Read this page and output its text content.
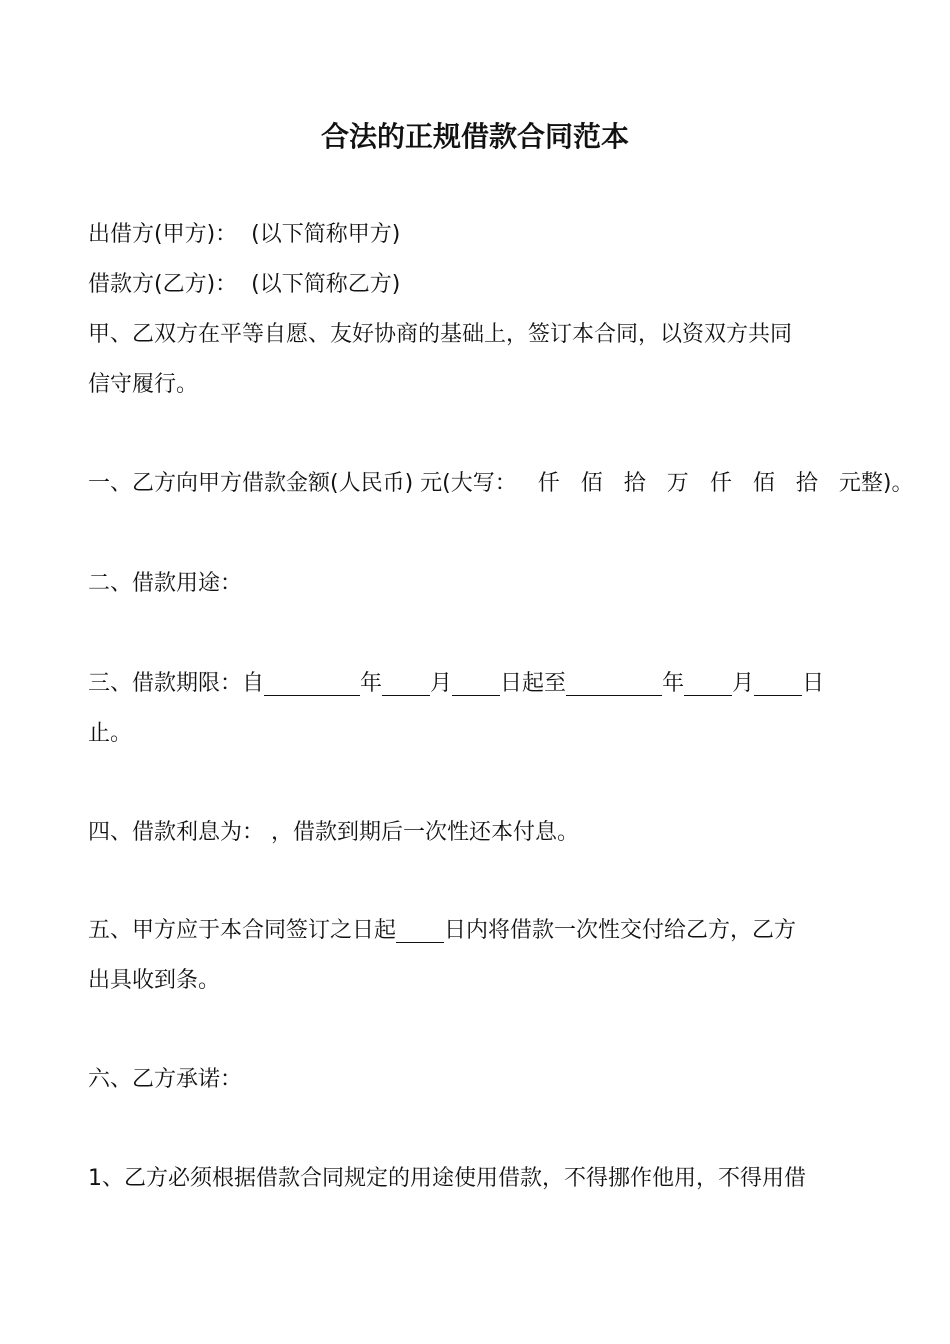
合法的正规借款合同范本
出借方(甲方)： (以下简称甲方)
借款方(乙方)： (以下简称乙方)
甲、乙双方在平等自愿、友好协商的基础上，签订本合同，以资双方共同
信守履行。
一、乙方向甲方借款金额(人民币) 元(大写： 仟 佰 拾 万 仟 佰 拾 元整)。
二、借款用途：
三、借款期限：自	年 月 日起至	年 月 日
止。
四、借款利息为： ，借款到期后一次性还本付息。
五、甲方应于本合同签订之日起 日内将借款一次性交付给乙方，乙方
出具收到条。
六、乙方承诺：
1、乙方必须根据借款合同规定的用途使用借款，不得挪作他用，不得用借
